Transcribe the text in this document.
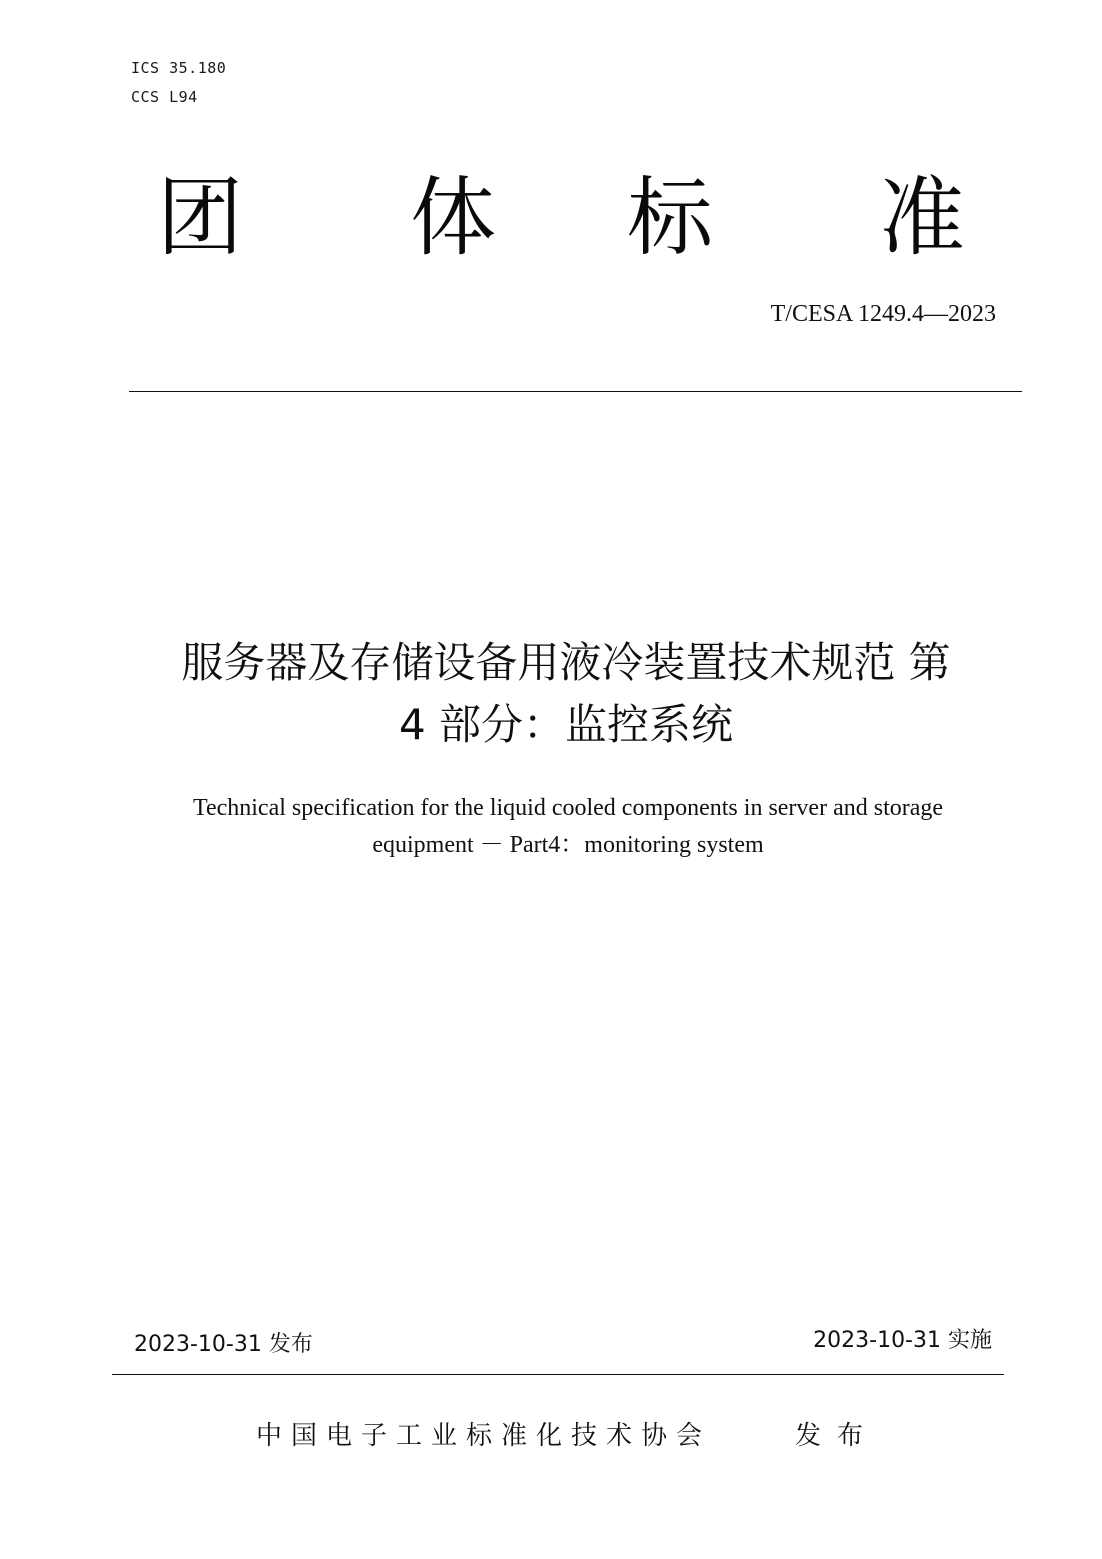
ICS 35.180
CCS L94
团 体 标 准
T/CESA 1249.4—2023
服务器及存储设备用液冷装置技术规范 第
4 部分：监控系统
Technical specification for the liquid cooled components in server and storage
equipment － Part4：monitoring system
2023-10-31 发布	2023-10-31 实施
中国电子工业标准化技术协会	发布
